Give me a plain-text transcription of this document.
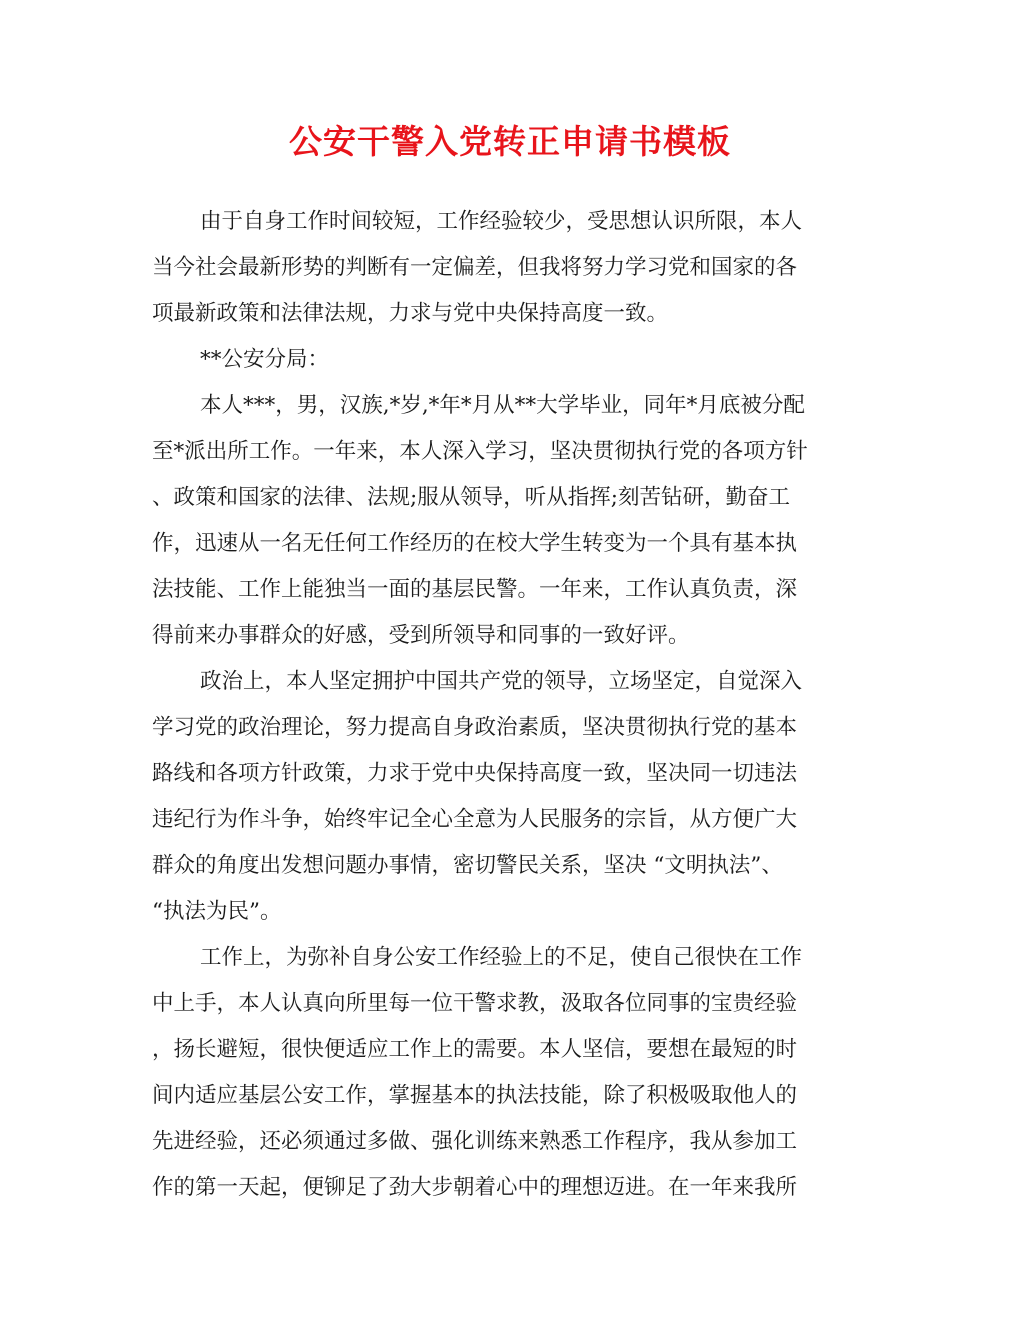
公安干警入党转正申请书模板
由于自身工作时间较短，工作经验较少，受思想认识所限，本人
当今社会最新形势的判断有一定偏差，但我将努力学习党和国家的各
项最新政策和法律法规，力求与党中央保持高度一致。
**公安分局：
本人***，男，汉族,*岁,*年*月从**大学毕业，同年*月底被分配
至*派出所工作。一年来，本人深入学习，坚决贯彻执行党的各项方针
、政策和国家的法律、法规;服从领导，听从指挥;刻苦钻研，勤奋工
作，迅速从一名无任何工作经历的在校大学生转变为一个具有基本执
法技能、工作上能独当一面的基层民警。一年来，工作认真负责，深
得前来办事群众的好感，受到所领导和同事的一致好评。
政治上，本人坚定拥护中国共产党的领导，立场坚定，自觉深入
学习党的政治理论，努力提高自身政治素质，坚决贯彻执行党的基本
路线和各项方针政策，力求于党中央保持高度一致，坚决同一切违法
违纪行为作斗争，始终牢记全心全意为人民服务的宗旨，从方便广大
群众的角度出发想问题办事情，密切警民关系，坚决 “文明执法”、
“执法为民”。
工作上，为弥补自身公安工作经验上的不足，使自己很快在工作
中上手，本人认真向所里每一位干警求教，汲取各位同事的宝贵经验
，扬长避短，很快便适应工作上的需要。本人坚信，要想在最短的时
间内适应基层公安工作，掌握基本的执法技能，除了积极吸取他人的
先进经验，还必须通过多做、强化训练来熟悉工作程序，我从参加工
作的第一天起，便铆足了劲大步朝着心中的理想迈进。在一年来我所
